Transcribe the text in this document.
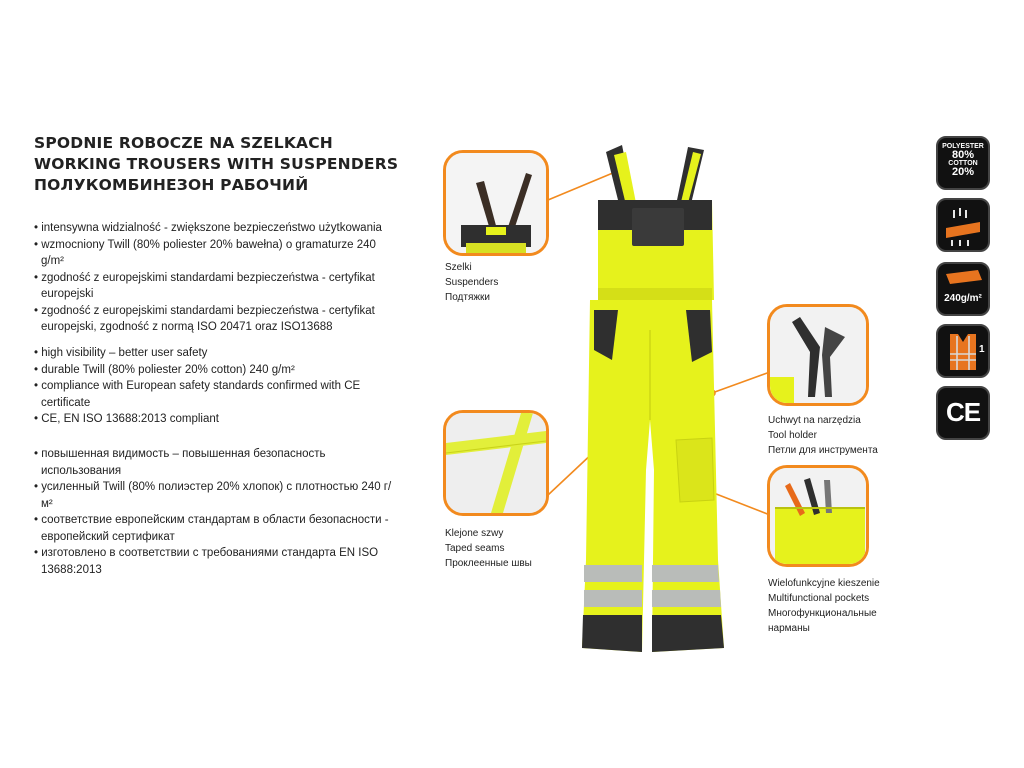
SPODNIE ROBOCZE NA SZELKACH
WORKING TROUSERS WITH SUSPENDERS
ПОЛУКОМБИНЕЗОН РАБОЧИЙ
• intensywna widzialność - zwiększone bezpieczeństwo użytkowania
• wzmocniony Twill (80% poliester 20% bawełna) o gramaturze 240 g/m²
• zgodność z europejskimi standardami bezpieczeństwa - certyfikat europejski
• zgodność z europejskimi standardami bezpieczeństwa - certyfikat europejski, zgodność z normą ISO 20471 oraz ISO13688
• high visibility – better user safety
• durable Twill (80% poliester 20% cotton) 240 g/m²
• compliance with European safety standards confirmed with CE certificate
• CE, EN ISO 13688:2013 compliant
• повышенная видимость – повышенная безопасность использования
• усиленный Twill (80% полиэстер 20% хлопок) с плотностью 240 г/м²
• соответствие европейским стандартам в области безопасности - европейский сертификат
• изготовлено в соответствии с требованиями стандарта EN ISO 13688:2013
Szelki
Suspenders
Подтяжки
Klejone szwy
Taped seams
Проклеенные швы
Uchwyt na narzędzia
Tool holder
Петли для инструмента
Wielofunkcyjne kieszenie
Multifunctional pockets
Многофункциональные
нарманы
POLYESTER
80%
COTTON
20%
240g/m²
1
CE
